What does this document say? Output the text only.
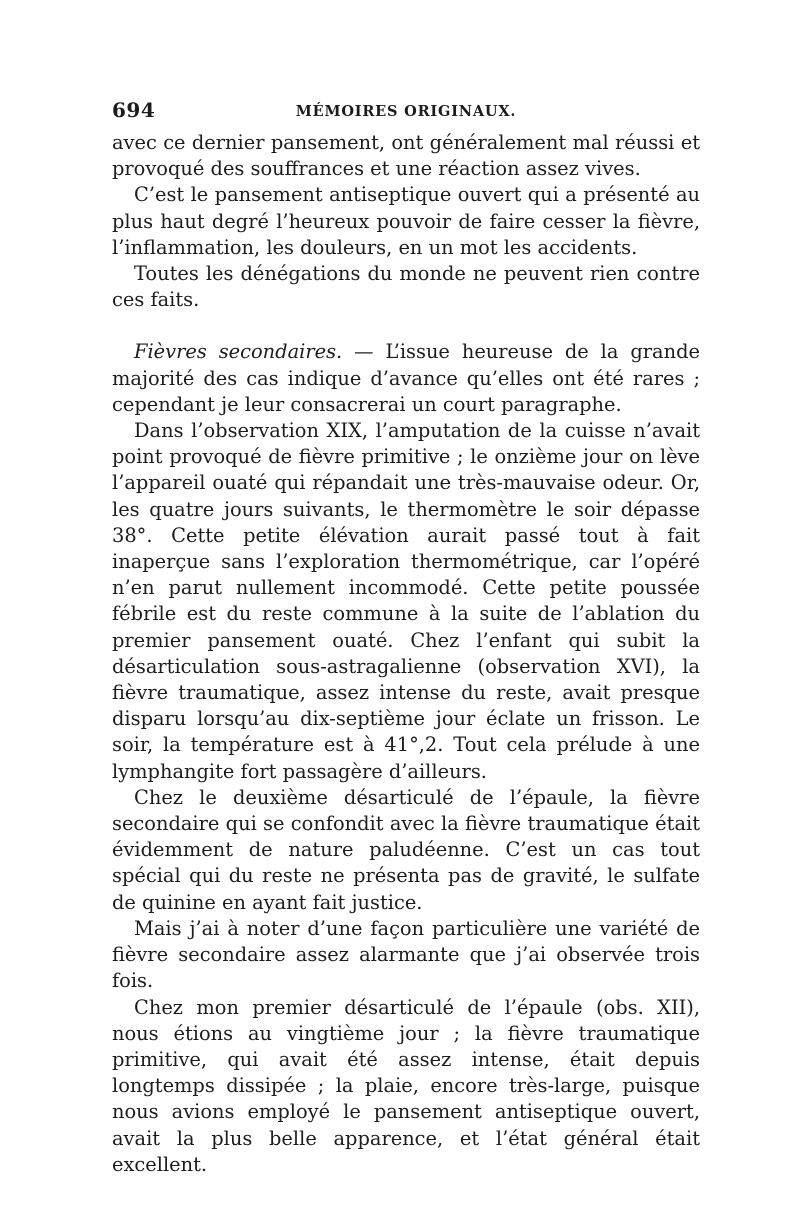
694	MÉMOIRES ORIGINAUX.

avec ce dernier pansement, ont généralement mal réussi et provoqué des souffrances et une réaction assez vives.

C’est le pansement antiseptique ouvert qui a présenté au plus haut degré l’heureux pouvoir de faire cesser la fièvre, l’inflammation, les douleurs, en un mot les accidents.

Toutes les dénégations du monde ne peuvent rien contre ces faits.

Fièvres secondaires. — L’issue heureuse de la grande majorité des cas indique d’avance qu’elles ont été rares ; cependant je leur consacrerai un court paragraphe.

Dans l’observation XIX, l’amputation de la cuisse n’avait point provoqué de fièvre primitive ; le onzième jour on lève l’appareil ouaté qui répandait une très-mauvaise odeur. Or, les quatre jours suivants, le thermomètre le soir dépasse 38°. Cette petite élévation aurait passé tout à fait inaperçue sans l’exploration thermométrique, car l’opéré n’en parut nullement incommodé. Cette petite poussée fébrile est du reste commune à la suite de l’ablation du premier pansement ouaté. Chez l’enfant qui subit la désarticulation sous-astragalienne (observation XVI), la fièvre traumatique, assez intense du reste, avait presque disparu lorsqu’au dix-septième jour éclate un frisson. Le soir, la température est à 41°,2. Tout cela prélude à une lymphangite fort passagère d’ailleurs.

Chez le deuxième désarticulé de l’épaule, la fièvre secondaire qui se confondit avec la fièvre traumatique était évidemment de nature paludéenne. C’est un cas tout spécial qui du reste ne présenta pas de gravité, le sulfate de quinine en ayant fait justice.

Mais j’ai à noter d’une façon particulière une variété de fièvre secondaire assez alarmante que j’ai observée trois fois.

Chez mon premier désarticulé de l’épaule (obs. XII), nous étions au vingtième jour ; la fièvre traumatique primitive, qui avait été assez intense, était depuis longtemps dissipée ; la plaie, encore très-large, puisque nous avions employé le pansement antiseptique ouvert, avait la plus belle apparence, et l’état général était excellent.
